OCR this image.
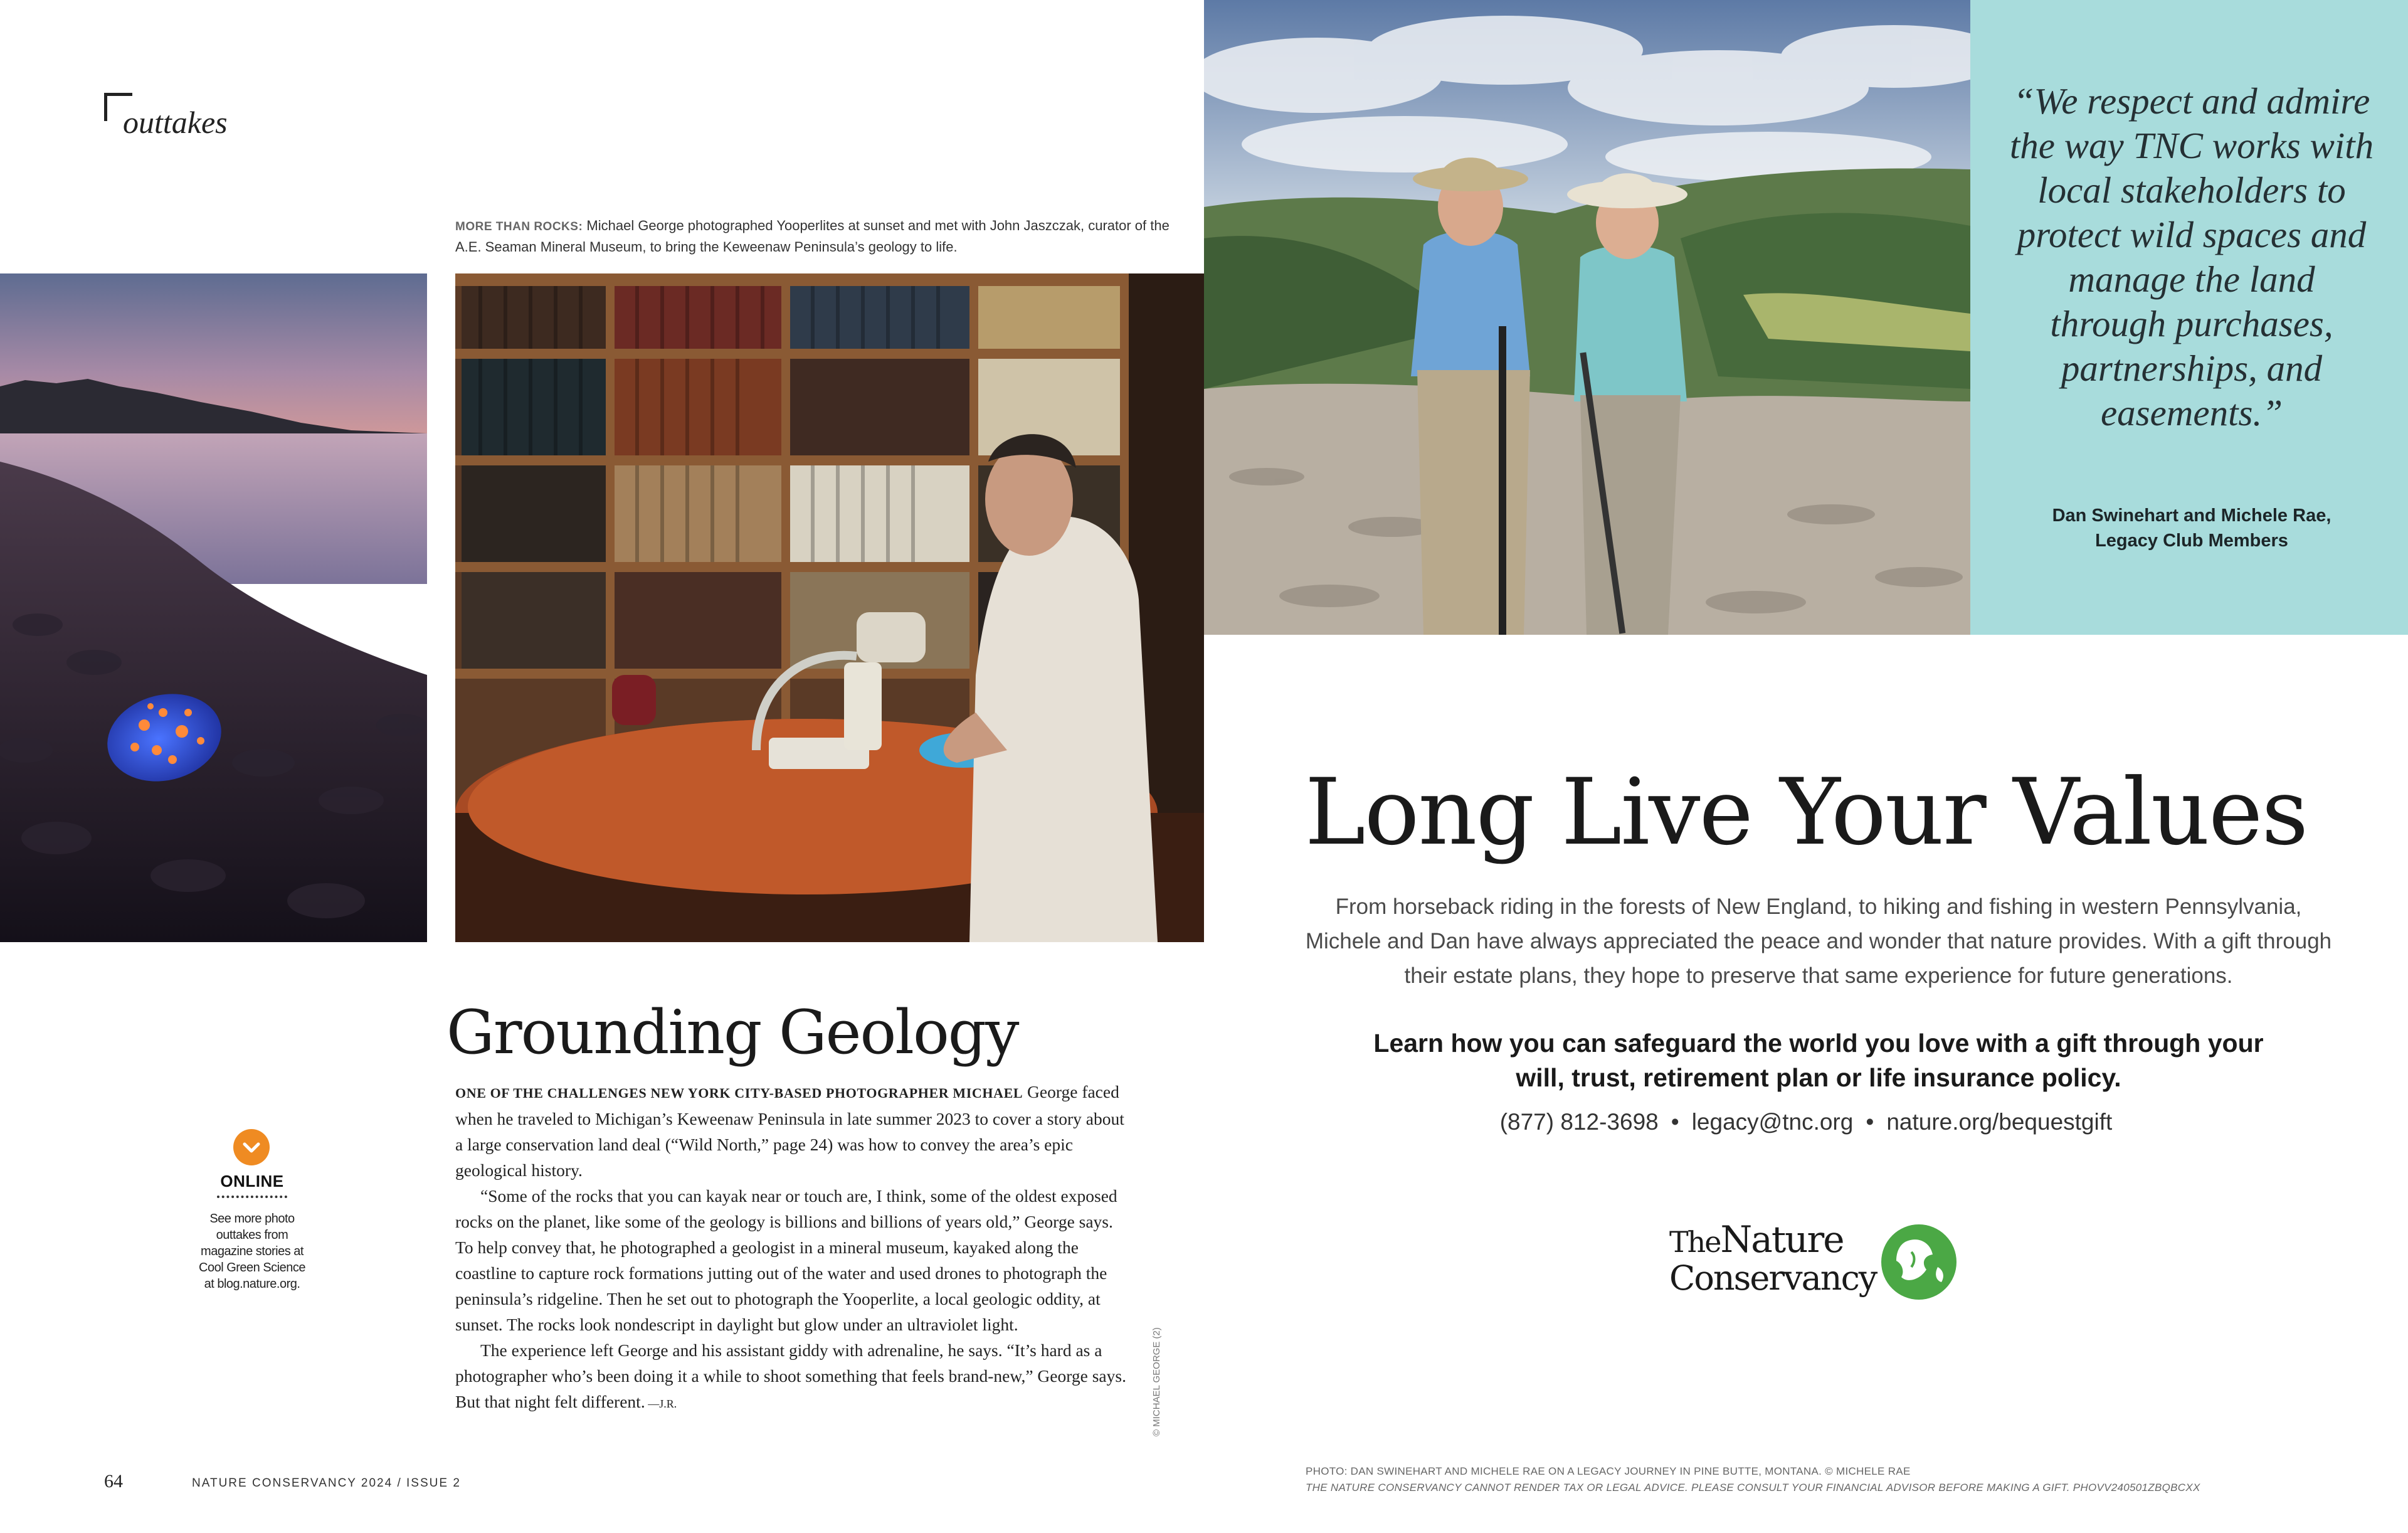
outtakes
MORE THAN ROCKS: Michael George photographed Yooperlites at sunset and met with John Jaszczak, curator of the A.E. Seaman Mineral Museum, to bring the Keweenaw Peninsula’s geology to life.
Grounding Geology

ONE OF THE CHALLENGES NEW YORK CITY-BASED PHOTOGRAPHER MICHAEL George faced when he traveled to Michigan’s Keweenaw Peninsula in late summer 2023 to cover a story about a large conservation land deal (“Wild North,” page 24) was how to convey the area’s epic geological history.

“Some of the rocks that you can kayak near or touch are, I think, some of the oldest exposed rocks on the planet, like some of the geology is billions and billions of years old,” George says. To help convey that, he photographed a geologist in a mineral museum, kayaked along the coastline to capture rock formations jutting out of the water and used drones to photograph the peninsula’s ridgeline. Then he set out to photograph the Yooperlite, a local geologic oddity, at sunset. The rocks look nondescript in daylight but glow under an ultraviolet light.

The experience left George and his assistant giddy with adrenaline, he says. “It’s hard as a photographer who’s been doing it a while to shoot something that feels brand-new,” George says. But that night felt different. —J.R.	© MICHAEL GEORGE (2)
ONLINE
See more photo outtakes from magazine stories at Cool Green Science at blog.nature.org.
64	NATURE CONSERVANCY 2024 / ISSUE 2
“We respect and admire the way TNC works with local stakeholders to protect wild spaces and manage the land through purchases, partnerships, and easements.”
Dan Swinehart and Michele Rae,
Legacy Club Members
Long Live Your Values
From horseback riding in the forests of New England, to hiking and fishing in western Pennsylvania, Michele and Dan have always appreciated the peace and wonder that nature provides. With a gift through their estate plans, they hope to preserve that same experience for future generations.
Learn how you can safeguard the world you love with a gift through your will, trust, retirement plan or life insurance policy.
(877) 812-3698 • legacy@tnc.org • nature.org/bequestgift
TheNature
Conservancy
PHOTO: DAN SWINEHART AND MICHELE RAE ON A LEGACY JOURNEY IN PINE BUTTE, MONTANA. © MICHELE RAE
THE NATURE CONSERVANCY CANNOT RENDER TAX OR LEGAL ADVICE. PLEASE CONSULT YOUR FINANCIAL ADVISOR BEFORE MAKING A GIFT. PHOVV240501ZBQBCXX
